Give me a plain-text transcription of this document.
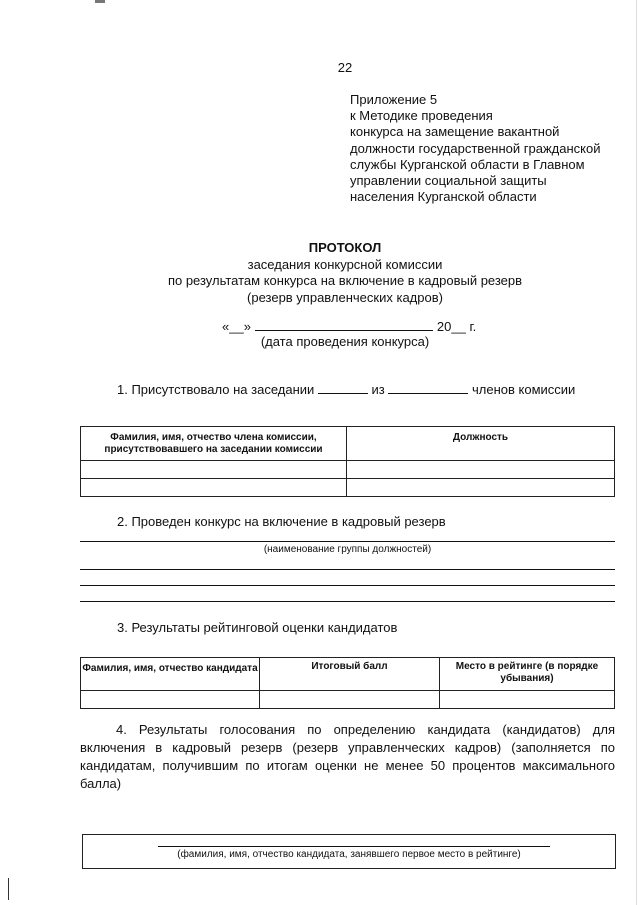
22
Приложение 5
к Методике проведения
конкурса на замещение вакантной
должности государственной гражданской
службы Курганской области в Главном
управлении социальной защиты
населения Курганской области
ПРОТОКОЛ
заседания конкурсной комиссии
по результатам конкурса на включение в кадровый резерв
(резерв управленческих кадров)
«__»	20__ г.
(дата проведения конкурса)
1. Присутствовало на заседании	из	членов комиссии
Фамилия, имя, отчество члена комиссии, присутствовавшего на заседании комиссии	Должность

2. Проведен конкурс на включение в кадровый резерв
(наименование группы должностей)
3. Результаты рейтинговой оценки кандидатов
Фамилия, имя, отчество кандидата	Итоговый балл	Место в рейтинге (в порядке убывания)

4. Результаты голосования по определению кандидата (кандидатов) для включения в кадровый резерв (резерв управленческих кадров) (заполняется по кандидатам, получившим по итогам оценки не менее 50 процентов максимального балла)

(фамилия, имя, отчество кандидата, занявшего первое место в рейтинге)
